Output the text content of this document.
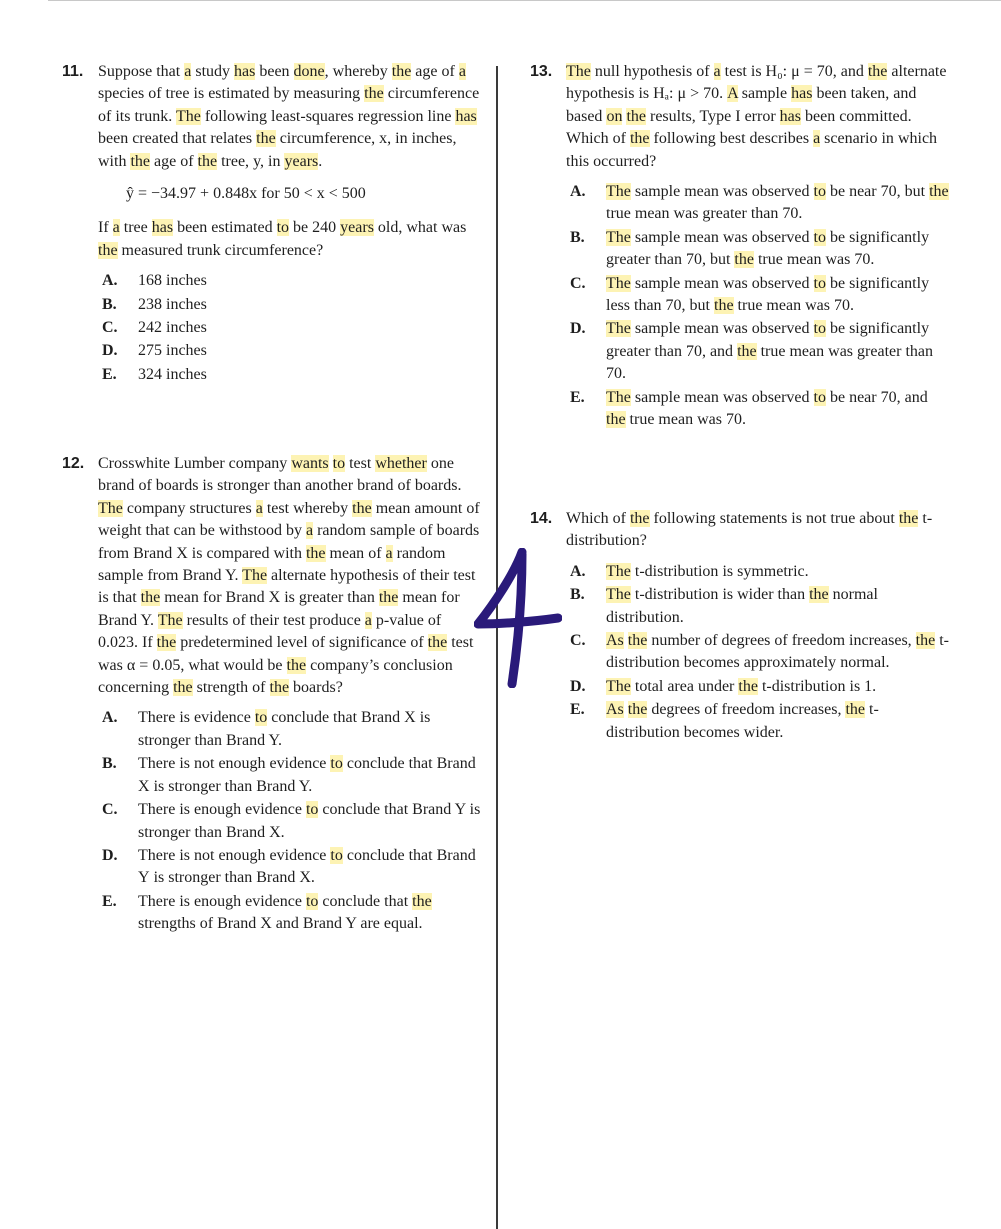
11. Suppose that a study has been done, whereby the age of a species of tree is estimated by measuring the circumference of its trunk. The following least-squares regression line has been created that relates the circumference, x, in inches, with the age of the tree, y, in years.

ŷ = −34.97 + 0.848x for 50 < x < 500

If a tree has been estimated to be 240 years old, what was the measured trunk circumference?

A. 168 inches
B. 238 inches
C. 242 inches
D. 275 inches
E. 324 inches
12. Crosswhite Lumber company wants to test whether one brand of boards is stronger than another brand of boards. The company structures a test whereby the mean amount of weight that can be withstood by a random sample of boards from Brand X is compared with the mean of a random sample from Brand Y. The alternate hypothesis of their test is that the mean for Brand X is greater than the mean for Brand Y. The results of their test produce a p-value of 0.023. If the predetermined level of significance of the test was α = 0.05, what would be the company’s conclusion concerning the strength of the boards?

A. There is evidence to conclude that Brand X is stronger than Brand Y.
B. There is not enough evidence to conclude that Brand X is stronger than Brand Y.
C. There is enough evidence to conclude that Brand Y is stronger than Brand X.
D. There is not enough evidence to conclude that Brand Y is stronger than Brand X.
E. There is enough evidence to conclude that the strengths of Brand X and Brand Y are equal.
13. The null hypothesis of a test is H₀: μ = 70, and the alternate hypothesis is Hₐ: μ > 70. A sample has been taken, and based on the results, Type I error has been committed. Which of the following best describes a scenario in which this occurred?

A. The sample mean was observed to be near 70, but the true mean was greater than 70.
B. The sample mean was observed to be significantly greater than 70, but the true mean was 70.
C. The sample mean was observed to be significantly less than 70, but the true mean was 70.
D. The sample mean was observed to be significantly greater than 70, and the true mean was greater than 70.
E. The sample mean was observed to be near 70, and the true mean was 70.
14. Which of the following statements is not true about the t-distribution?

A. The t-distribution is symmetric.
B. The t-distribution is wider than the normal distribution.
C. As the number of degrees of freedom increases, the t-distribution becomes approximately normal.
D. The total area under the t-distribution is 1.
E. As the degrees of freedom increases, the t-distribution becomes wider.
